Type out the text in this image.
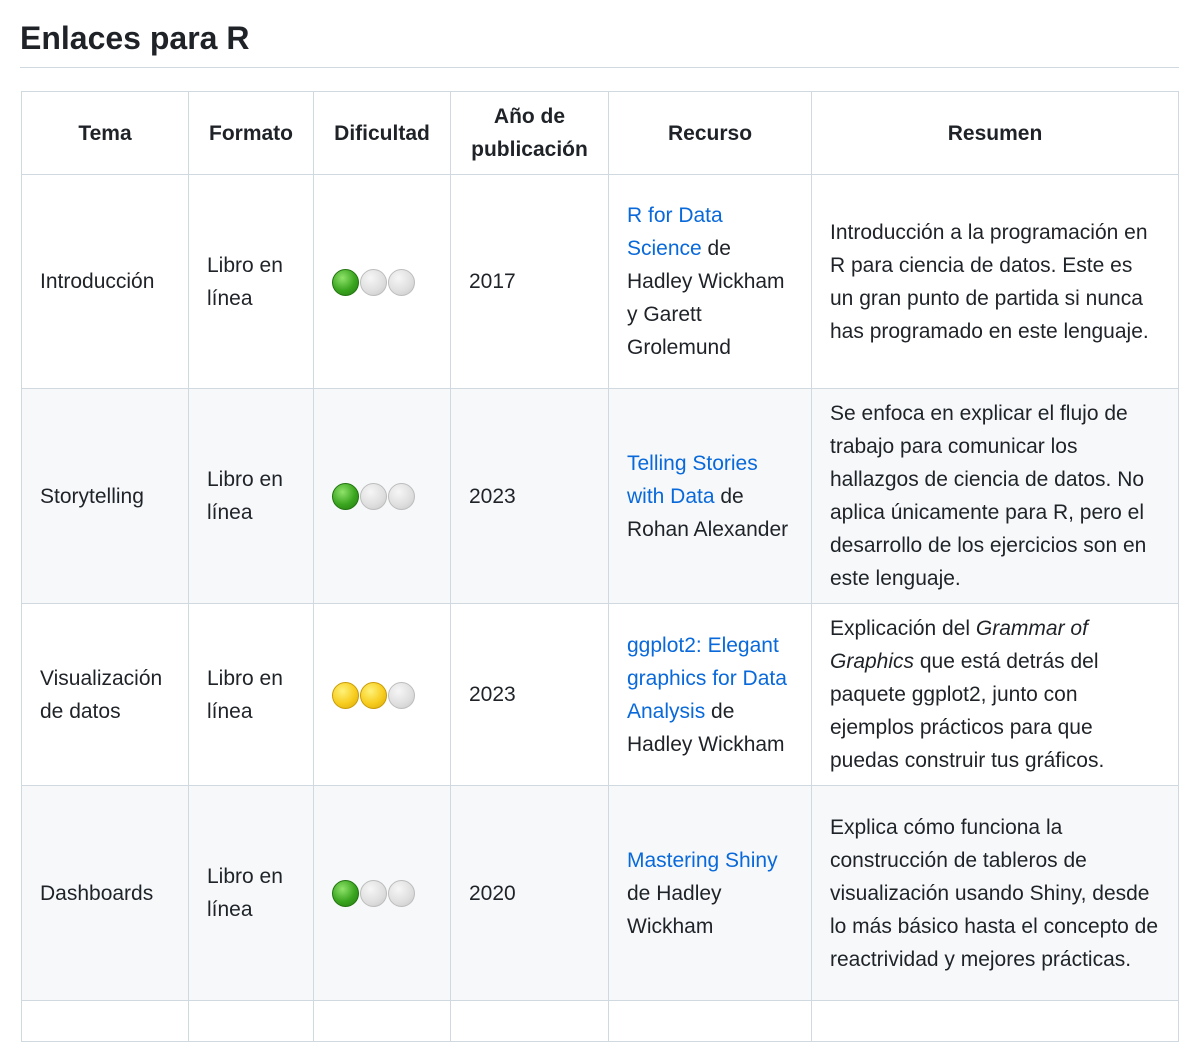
Enlaces para R
Tema	Formato	Dificultad	Año de publicación	Recurso	Resumen
Introducción	Libro en línea		2017	R for Data Science de Hadley Wickham y Garett Grolemund	Introducción a la programación en R para ciencia de datos. Este es un gran punto de partida si nunca has programado en este lenguaje.
Storytelling	Libro en línea		2023	Telling Stories with Data de Rohan Alexander	Se enfoca en explicar el flujo de trabajo para comunicar los hallazgos de ciencia de datos. No aplica únicamente para R, pero el desarrollo de los ejercicios son en este lenguaje.
Visualización de datos	Libro en línea		2023	ggplot2: Elegant graphics for Data Analysis de Hadley Wickham	Explicación del Grammar of Graphics que está detrás del paquete ggplot2, junto con ejemplos prácticos para que puedas construir tus gráficos.
Dashboards	Libro en línea		2020	Mastering Shiny de Hadley Wickham	Explica cómo funciona la construcción de tableros de visualización usando Shiny, desde lo más básico hasta el concepto de reactrividad y mejores prácticas.
